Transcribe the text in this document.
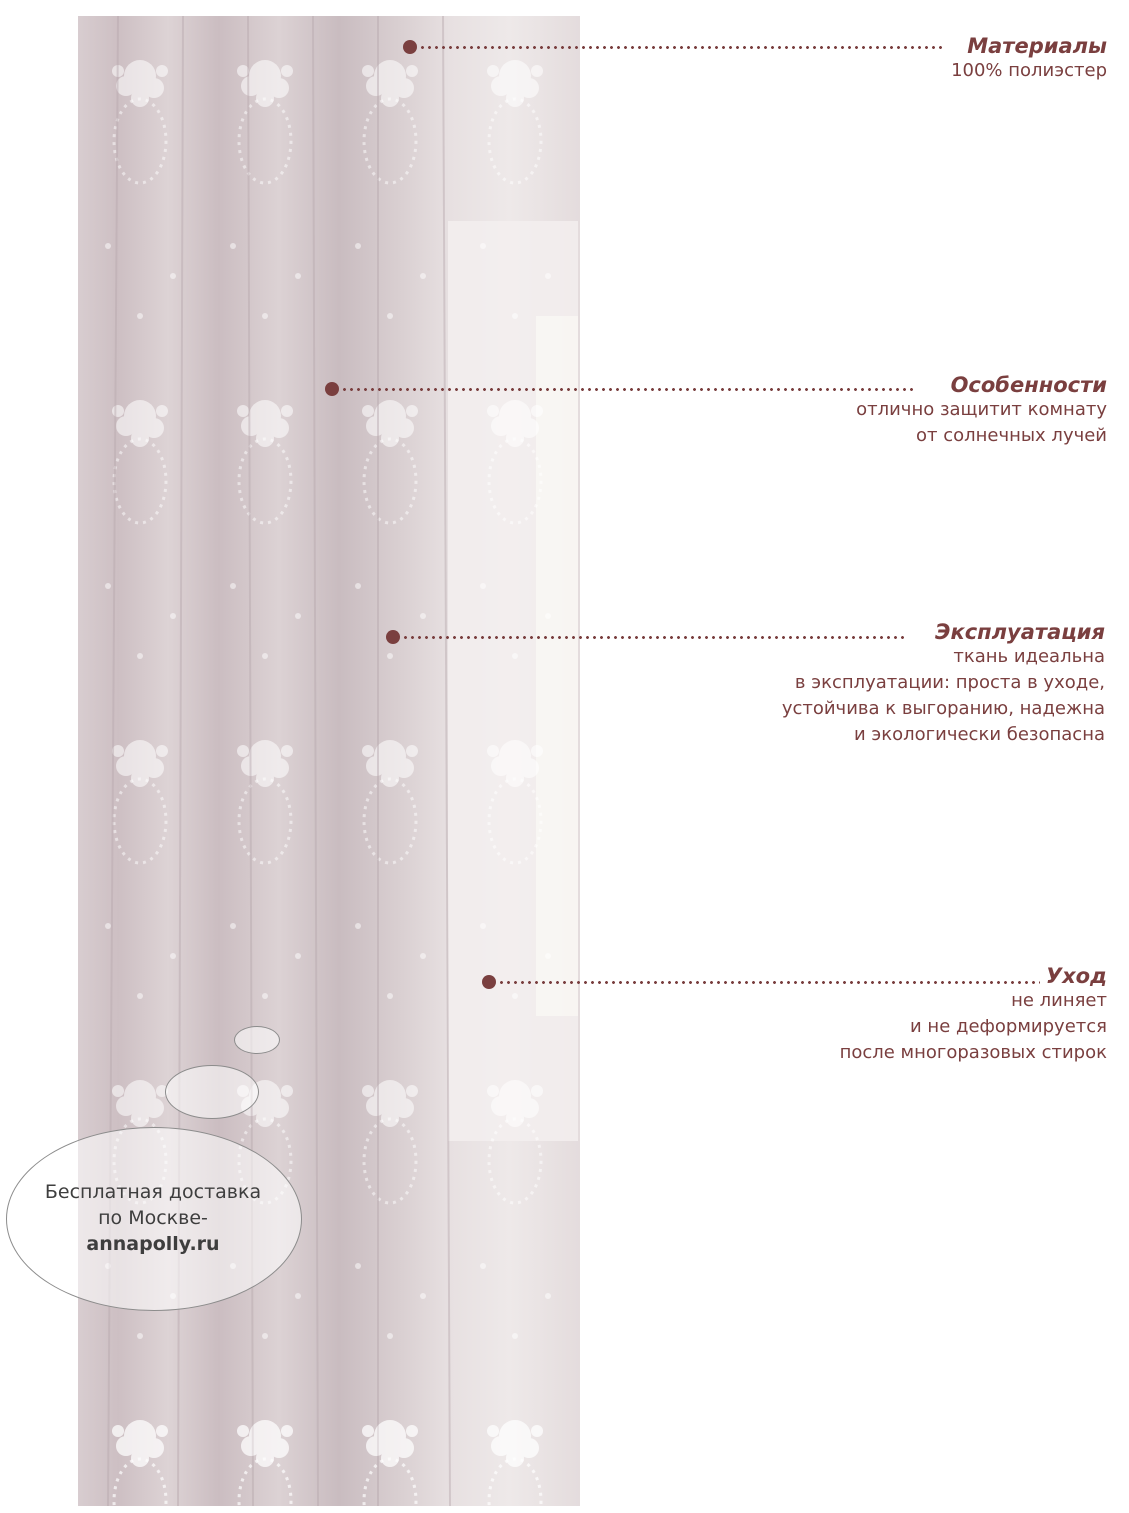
Материалы
100% полиэстер
Особенности
отлично защитит комнату
от солнечных лучей
Эксплуатация
ткань идеальна
в эксплуатации: проста в уходе,
устойчива к выгоранию, надежна
и экологически безопасна
Уход
не линяет
и не деформируется
после многоразовых стирок
Бесплатная доставка
по Москве-
annapolly.ru
